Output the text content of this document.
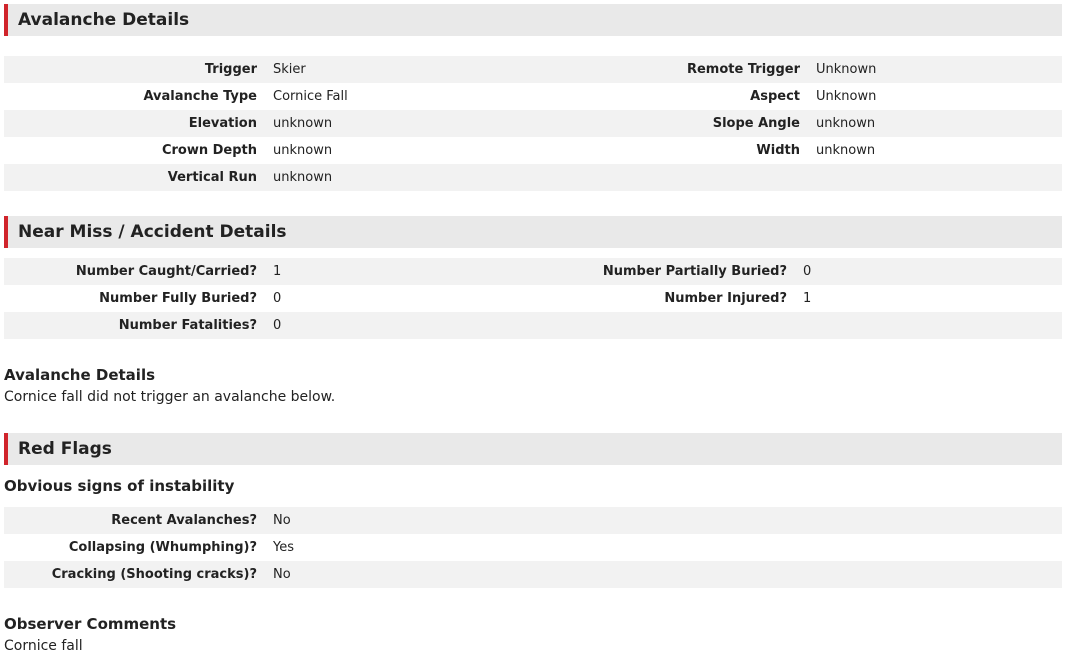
Avalanche Details
Trigger	Skier	Remote Trigger	Unknown
Avalanche Type	Cornice Fall	Aspect	Unknown
Elevation	unknown	Slope Angle	unknown
Crown Depth	unknown	Width	unknown
Vertical Run	unknown
Near Miss / Accident Details
Number Caught/Carried?	1	Number Partially Buried?	0
Number Fully Buried?	0	Number Injured?	1
Number Fatalities?	0
Avalanche Details
Cornice fall did not trigger an avalanche below.
Red Flags
Obvious signs of instability
Recent Avalanches?	No
Collapsing (Whumphing)?	Yes
Cracking (Shooting cracks)?	No
Observer Comments
Cornice fall
